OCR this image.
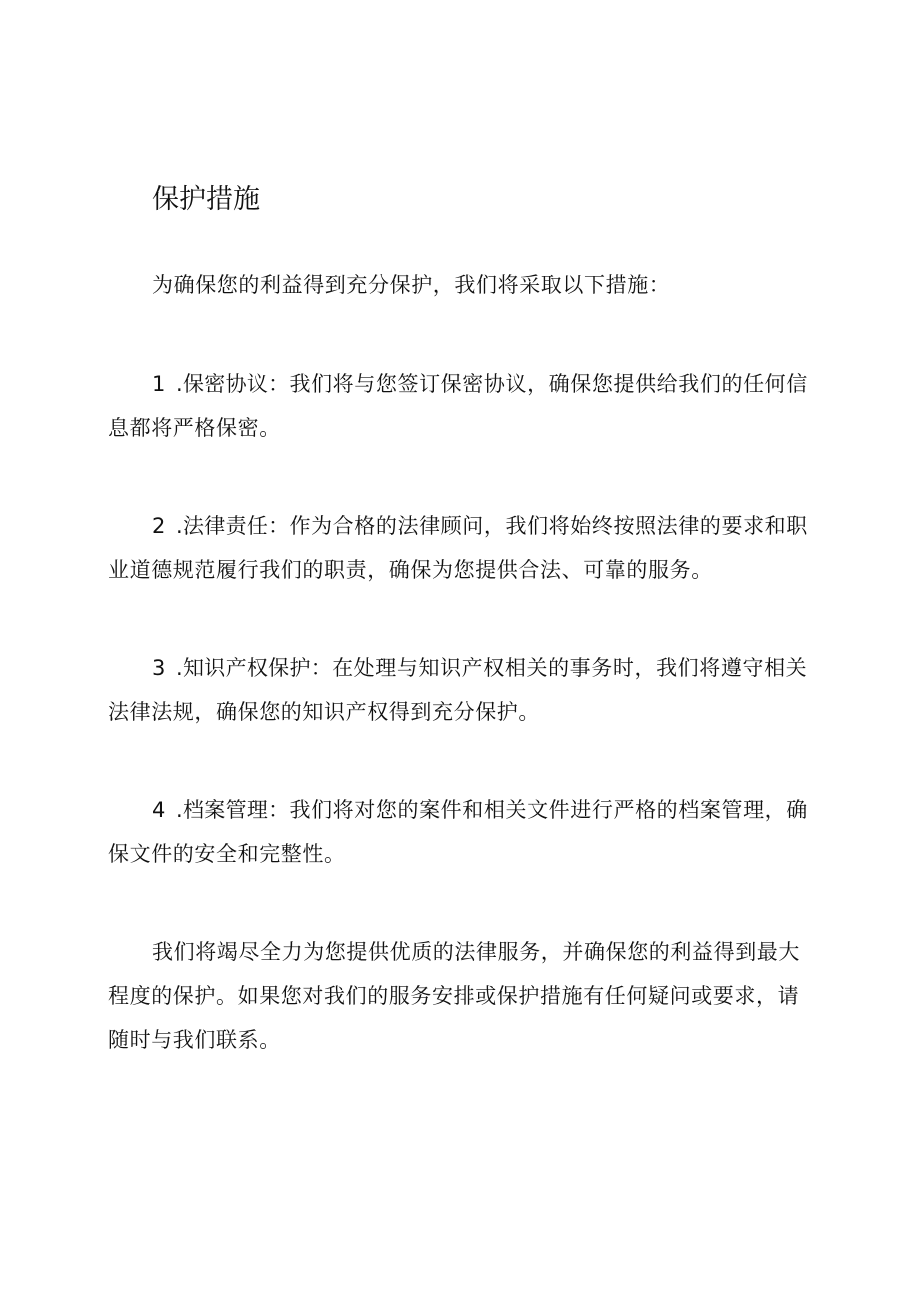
保护措施

为确保您的利益得到充分保护，我们将采取以下措施：

1 .保密协议：我们将与您签订保密协议，确保您提供给我们的任何信息都将严格保密。

2 .法律责任：作为合格的法律顾问，我们将始终按照法律的要求和职业道德规范履行我们的职责，确保为您提供合法、可靠的服务。

3 .知识产权保护：在处理与知识产权相关的事务时，我们将遵守相关法律法规，确保您的知识产权得到充分保护。

4 .档案管理：我们将对您的案件和相关文件进行严格的档案管理，确保文件的安全和完整性。

我们将竭尽全力为您提供优质的法律服务，并确保您的利益得到最大程度的保护。如果您对我们的服务安排或保护措施有任何疑问或要求，请随时与我们联系。
